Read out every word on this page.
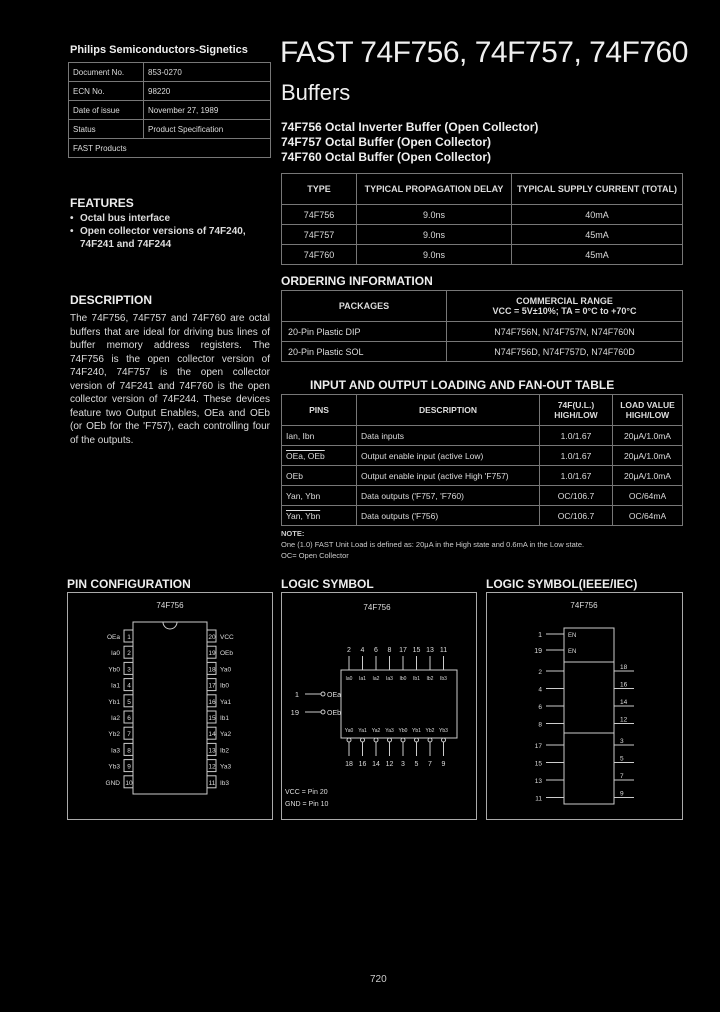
Philips Semiconductors-Signetics
Document No.	853-0270
ECN No.	98220
Date of issue	November 27, 1989
Status	Product Specification
FAST Products	
FAST 74F756, 74F757, 74F760
Buffers
74F756 Octal Inverter Buffer (Open Collector)
74F757 Octal Buffer (Open Collector)
74F760 Octal Buffer (Open Collector)
FEATURES
• Octal bus interface
• Open collector versions of 74F240, 74F241 and 74F244
DESCRIPTION
The 74F756, 74F757 and 74F760 are octal buffers that are ideal for driving bus lines of buffer memory address registers. The 74F756 is the open collector version of 74F240, 74F757 is the open collector version of 74F241 and 74F760 is the open collector version of 74F244. These devices feature two Output Enables, OEa and OEb (or OEb for the 'F757), each controlling four of the outputs.
TYPE	TYPICAL PROPAGATION DELAY	TYPICAL SUPPLY CURRENT (TOTAL)
74F756	9.0ns	40mA
74F757	9.0ns	45mA
74F760	9.0ns	45mA
ORDERING INFORMATION
PACKAGES	COMMERCIAL RANGE
VCC = 5V±10%; TA = 0°C to +70°C

20-Pin Plastic DIP	N74F756N, N74F757N, N74F760N
20-Pin Plastic SOL	N74F756D, N74F757D, N74F760D
INPUT AND OUTPUT LOADING AND FAN-OUT TABLE
PINS	DESCRIPTION	74F(U.L.) HIGH/LOW	LOAD VALUE HIGH/LOW
Ian, Ibn	Data inputs	1.0/1.67	20μA/1.0mA
OEa, OEb	Output enable input (active Low)	1.0/1.67	20μA/1.0mA
OEb	Output enable input (active High 'F757)	1.0/1.67	20μA/1.0mA
Yan, Ybn	Data outputs ('F757, 'F760)	OC/106.7	OC/64mA
Yan, Ybn	Data outputs ('F756)	OC/106.7	OC/64mA
NOTE:
One (1.0) FAST Unit Load is defined as: 20μA in the High state and 0.6mA in the Low state.
OC= Open Collector
PIN CONFIGURATION	LOGIC SYMBOL	LOGIC SYMBOL(IEEE/IEC)
74F756
1
OEa	20 VCC
2
Ia0	19 OEb
3
Yb0	18 Ya0
4
Ia1	17 Ib0
5
Yb1	16 Ya1
6
Ia2	15 Ib1
7
Yb2	14 Ya2
8
Ia3	13 Ib2
9
Yb3	12 Ya3
10
GND	11 Ib3
74F756
2
Ia0
Ya0
18
4
Ia1
Ya1
16
6
Ia2
Ya2
14
8
Ia3
Ya3
12
17
Ib0
Yb0
3
15
Ib1
Yb1
5
13
Ib2
Yb2
7
11
Ib3
Yb3
9
1	OEa
19	OEb
VCC = Pin 20
GND = Pin 10
74F756
1	EN
19	EN
2
18
4
16
6
14
8
12
17
3
15
5
13
7
11
9
720
